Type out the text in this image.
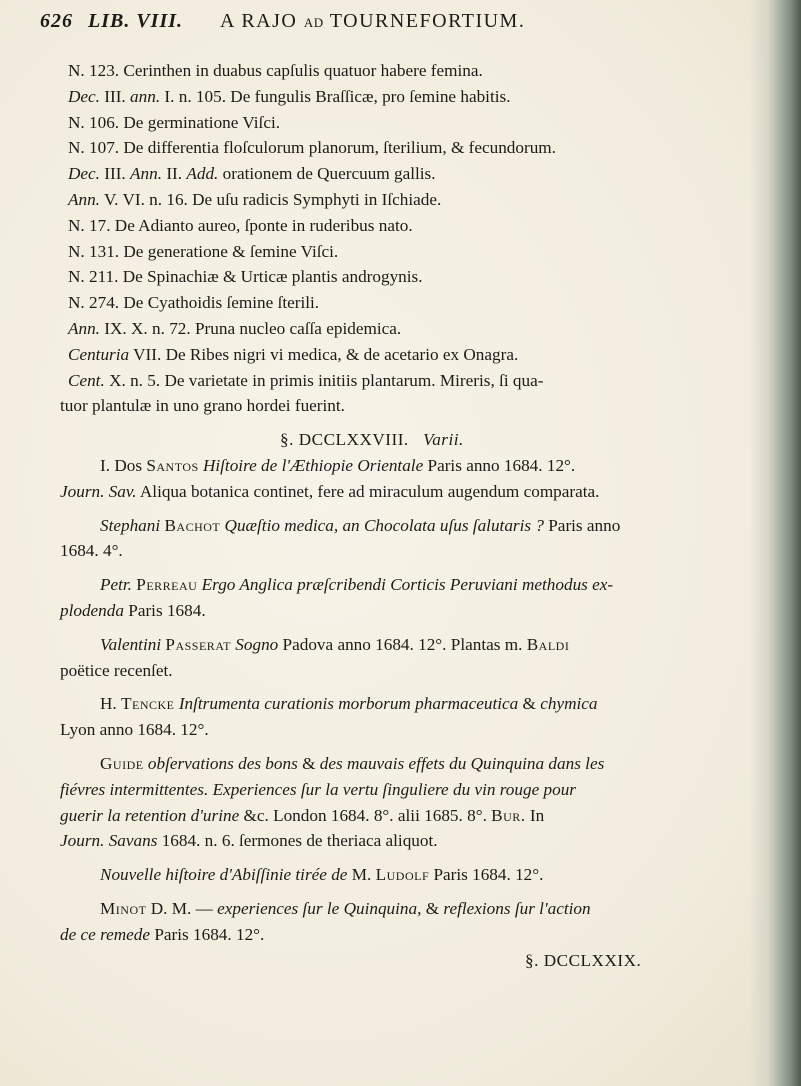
626 LIB. VIII. A RAJO AD TOURNEFORTIUM.
N. 123. Cerinthen in duabus capſulis quatuor habere femina.
Dec. III. ann. I. n. 105. De fungulis Braſſicæ, pro ſemine habitis.
N. 106. De germinatione Viſci.
N. 107. De differentia floſculorum planorum, ſterilium, & fecundorum.
Dec. III. Ann. II. Add. orationem de Quercuum gallis.
Ann. V. VI. n. 16. De uſu radicis Symphyti in Iſchiade.
N. 17. De Adianto aureo, ſponte in ruderibus nato.
N. 131. De generatione & ſemine Viſci.
N. 211. De Spinachiæ & Urticæ plantis androgynis.
N. 274. De Cyathoidis ſemine ſterili.
Ann. IX. X. n. 72. Pruna nucleo caſſa epidemica.
Centuria VII. De Ribes nigri vi medica, & de acetario ex Onagra.
Cent. X. n. 5. De varietate in primis initiis plantarum. Mireris, ſi qua-
tuor plantulæ in uno grano hordei fuerint.
§. DCCLXXVIII. Varii.
I. Dos Santos Hiſtoire de l'Æthiopie Orientale Paris anno 1684. 12°.
Journ. Sav. Aliqua botanica continet, fere ad miraculum augendum comparata.
Stephani Bachot Quæſtio medica, an Chocolata uſus ſalutaris ? Paris anno
1684. 4°.
Petr. Perreau Ergo Anglica præſcribendi Corticis Peruviani methodus ex-
plodenda Paris 1684.
Valentini Passerat Sogno Padova anno 1684. 12°. Plantas m. Baldi
poëtice recenſet.
H. Tencke Inſtrumenta curationis morborum pharmaceutica & chymica
Lyon anno 1684. 12°.
Guide obſervations des bons & des mauvais effets du Quinquina dans les
fiévres intermittentes. Experiences ſur la vertu ſinguliere du vin rouge pour
guerir la retention d'urine &c. London 1684. 8°. alii 1685. 8°. Bur. In
Journ. Savans 1684. n. 6. ſermones de theriaca aliquot.
Nouvelle hiſtoire d'Abiſſinie tirée de M. Ludolf Paris 1684. 12°.
Minot D. M. — experiences ſur le Quinquina, & reflexions ſur l'action
de ce remede Paris 1684. 12°.
§. DCCLXXIX.
